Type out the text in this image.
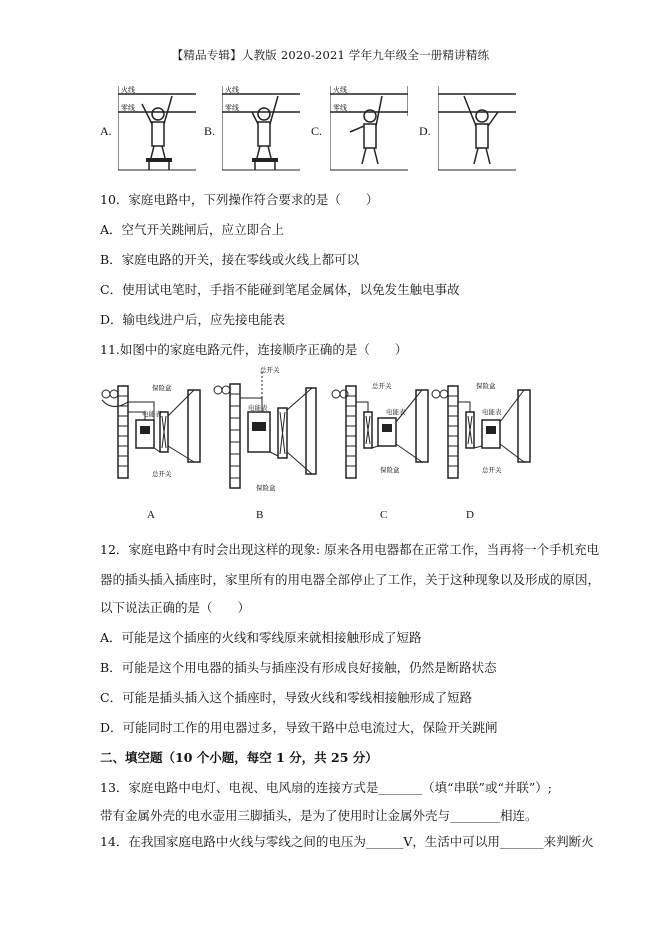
【精品专辑】人教版 2020-2021 学年九年级全一册精讲精练
A.	B.	C.	D.
火线
零线
火线
零线
火线
零线
10．家庭电路中，下列操作符合要求的是（　　）
A．空气开关跳闸后，应立即合上
B．家庭电路的开关，接在零线或火线上都可以
C．使用试电笔时，手指不能碰到笔尾金属体，以免发生触电事故
D．输电线进户后，应先接电能表
11.如图中的家庭电路元件，连接顺序正确的是（　　）
保险盒
电能表
总开关
总开关
电能表
保险盒
总开关
电能表
保险盒
保险盒
电能表
总开关
A	B	C	D
12．家庭电路中有时会出现这样的现象: 原来各用电器都在正常工作，当再将一个手机充电
器的插头插入插座时，家里所有的用电器全部停止了工作，关于这种现象以及形成的原因，
以下说法正确的是（　　）
A．可能是这个插座的火线和零线原来就相接触形成了短路
B．可能是这个用电器的插头与插座没有形成良好接触，仍然是断路状态
C．可能是插头插入这个插座时，导致火线和零线相接触形成了短路
D．可能同时工作的用电器过多，导致干路中总电流过大，保险开关跳闸
二、填空题（10 个小题，每空 1 分，共 25 分）
13．家庭电路中电灯、电视、电风扇的连接方式是_______（填“串联”或“并联”）;
带有金属外壳的电水壶用三脚插头，是为了使用时让金属外壳与________相连。
14．在我国家庭电路中火线与零线之间的电压为______V，生活中可以用_______来判断火
